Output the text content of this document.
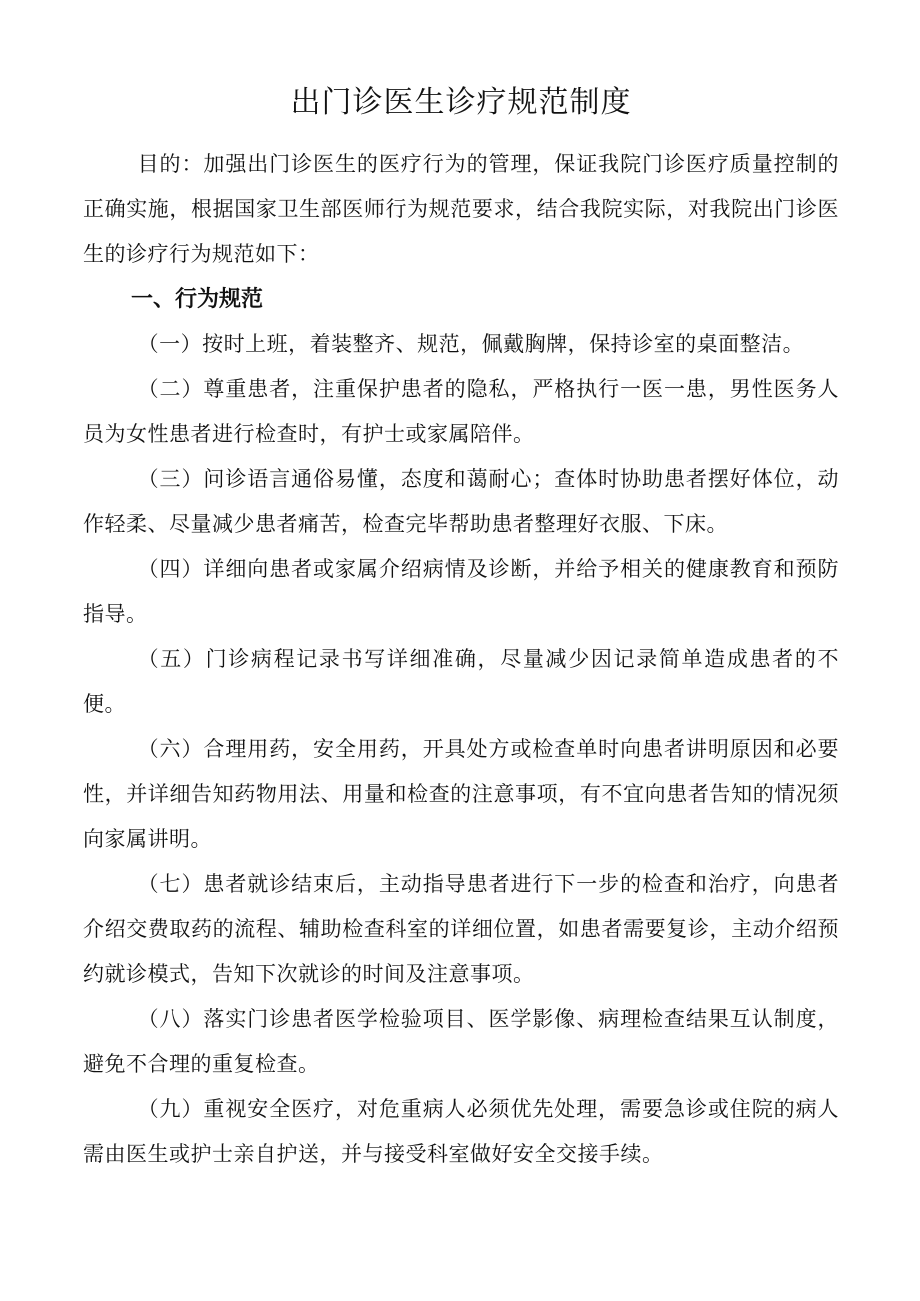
出门诊医生诊疗规范制度

目的：加强出门诊医生的医疗行为的管理，保证我院门诊医疗质量控制的正确实施，根据国家卫生部医师行为规范要求，结合我院实际，对我院出门诊医生的诊疗行为规范如下：

一、行为规范

（一）按时上班，着装整齐、规范，佩戴胸牌，保持诊室的桌面整洁。

（二）尊重患者，注重保护患者的隐私，严格执行一医一患，男性医务人员为女性患者进行检查时，有护士或家属陪伴。

（三）问诊语言通俗易懂，态度和蔼耐心；查体时协助患者摆好体位，动作轻柔、尽量减少患者痛苦，检查完毕帮助患者整理好衣服、下床。

（四）详细向患者或家属介绍病情及诊断，并给予相关的健康教育和预防指导。

（五）门诊病程记录书写详细准确，尽量减少因记录简单造成患者的不便。

（六）合理用药，安全用药，开具处方或检查单时向患者讲明原因和必要性，并详细告知药物用法、用量和检查的注意事项，有不宜向患者告知的情况须向家属讲明。

（七）患者就诊结束后，主动指导患者进行下一步的检查和治疗，向患者介绍交费取药的流程、辅助检查科室的详细位置，如患者需要复诊，主动介绍预约就诊模式，告知下次就诊的时间及注意事项。

（八）落实门诊患者医学检验项目、医学影像、病理检查结果互认制度，避免不合理的重复检查。

（九）重视安全医疗，对危重病人必须优先处理，需要急诊或住院的病人需由医生或护士亲自护送，并与接受科室做好安全交接手续。
